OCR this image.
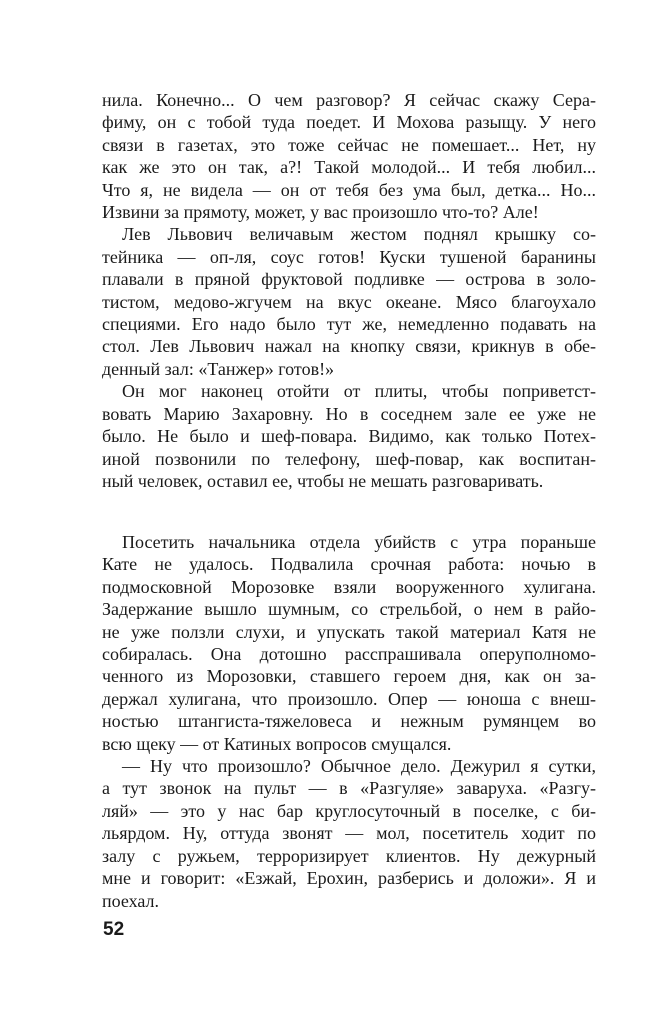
нила. Конечно... О чем разговор? Я сейчас скажу Сера-

фиму, он с тобой туда поедет. И Мохова разыщу. У него

связи в газетах, это тоже сейчас не помешает... Нет, ну

как же это он так, а?! Такой молодой... И тебя любил...

Что я, не видела — он от тебя без ума был, детка... Но...

Извини за прямоту, может, у вас произошло что-то? Але!

Лев Львович величавым жестом поднял крышку со-

тейника — оп-ля, соус готов! Куски тушеной баранины

плавали в пряной фруктовой подливке — острова в золо-

тистом, медово-жгучем на вкус океане. Мясо благоухало

специями. Его надо было тут же, немедленно подавать на

стол. Лев Львович нажал на кнопку связи, крикнув в обе-

денный зал: «Танжер» готов!»

Он мог наконец отойти от плиты, чтобы поприветст-

вовать Марию Захаровну. Но в соседнем зале ее уже не

было. Не было и шеф-повара. Видимо, как только Потех-

иной позвонили по телефону, шеф-повар, как воспитан-

ный человек, оставил ее, чтобы не мешать разговаривать.

Посетить начальника отдела убийств с утра пораньше

Кате не удалось. Подвалила срочная работа: ночью в

подмосковной Морозовке взяли вооруженного хулигана.

Задержание вышло шумным, со стрельбой, о нем в райо-

не уже ползли слухи, и упускать такой материал Катя не

собиралась. Она дотошно расспрашивала оперуполномо-

ченного из Морозовки, ставшего героем дня, как он за-

держал хулигана, что произошло. Опер — юноша с внеш-

ностью штангиста-тяжеловеса и нежным румянцем во

всю щеку — от Катиных вопросов смущался.

— Ну что произошло? Обычное дело. Дежурил я сутки,

а тут звонок на пульт — в «Разгуляе» заваруха. «Разгу-

ляй» — это у нас бар круглосуточный в поселке, с би-

льярдом. Ну, оттуда звонят — мол, посетитель ходит по

залу с ружьем, терроризирует клиентов. Ну дежурный

мне и говорит: «Езжай, Ерохин, разберись и доложи». Я и

поехал.

52
